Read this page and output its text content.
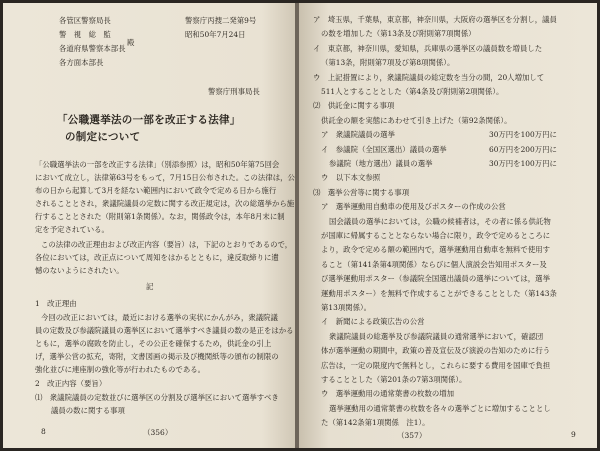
各管区警察局長
警　視　総　監
各道府県警察本部長
各方面本部長
殿
警察庁丙捜二発第9号
昭和50年7月24日
警察庁刑事局長
「公職選挙法の一部を改正する法律」
の制定について
「公職選挙法の一部を改正する法律」（別添参照）は，昭和50年第75回会
において成立し，法律第63号をもって，7月15日公布された。この法律は，公
布の日から起算して3月を経ない範囲内において政令で定める日から施行
されることとされ，衆議院議員の定数に関する改正規定は，次の総選挙から施
行することとされた（附則第1条関係）。なお，関係政令は，本年8月末に制
定を予定されている。
この法律の改正理由および改正内容（要旨）は，下記のとおりであるので，
各位においては，改正点について周知をはかるとともに，違反取締りに遺
憾のないようにされたい。
記
1　改正理由
今回の改正においては，最近における選挙の実状にかんがみ，衆議院議
員の定数及び参議院議員の選挙区において選挙すべき議員の数の是正をはかる
ともに，選挙の腐敗を防止し，その公正を確保するため，供託金の引上
げ，選挙公営の拡充，寄附，文書図画の掲示及び機関紙等の頒布の制限の
強化並びに連座制の強化等が行われたものである。
2　改正内容（要旨）
⑴　衆議院議員の定数並びに選挙区の分割及び選挙区において選挙すべき
議員の数に関する事項
8	（356）
ア　埼玉県，千葉県，東京都，神奈川県，大阪府の選挙区を分割し，議員
の数を増加した（第13条及び附則第7項関係）
イ　東京都，神奈川県，愛知県，兵庫県の選挙区の議員数を増員した
（第13条，附則第7項及び第8項関係）。
ウ　上記措置により，衆議院議員の総定数を当分の間，20人増加して
511人とすることとした（第4条及び附則第2項関係）。
⑵　供託金に関する事項
供託金の額を実態にあわせて引き上げた（第92条関係）。
ア　衆議院議員の選挙	30万円を100万円に
イ　参議院（全国区選出）議員の選挙	60万円を200万円に
参議院（地方選出）議員の選挙	30万円を100万円に
ウ　以下本文参照
⑶　選挙公営等に関する事項
ア　選挙運動用自動車の使用及びポスターの作成の公営
国会議員の選挙においては，公職の候補者は，その者に係る供託物
が国庫に帰属することとならない場合に限り，政令で定めるところに
より，政令で定める額の範囲内で，選挙運動用自動車を無料で使用す
ること（第141条第4項関係）ならびに個人演説会告知用ポスター及
び選挙運動用ポスター（参議院全国選出議員の選挙については，選挙
運動用ポスター）を無料で作成することができることとした（第143条
第13項関係）。
イ　新聞による政策広告の公営
衆議院議員の総選挙及び参議院議員の通常選挙において，確認団
体が選挙運動の期間中，政策の普及宣伝及び演説の告知のために行う
広告は，一定の限度内で無料とし，これらに要する費用を国庫で負担
することとした（第201条の7第3項関係）。
ウ　選挙運動用の通常葉書の枚数の増加
選挙運動用の通常葉書の枚数を各々の選挙ごとに増加することとし
た（第142条第1項関係　注1）。
（357）	9
